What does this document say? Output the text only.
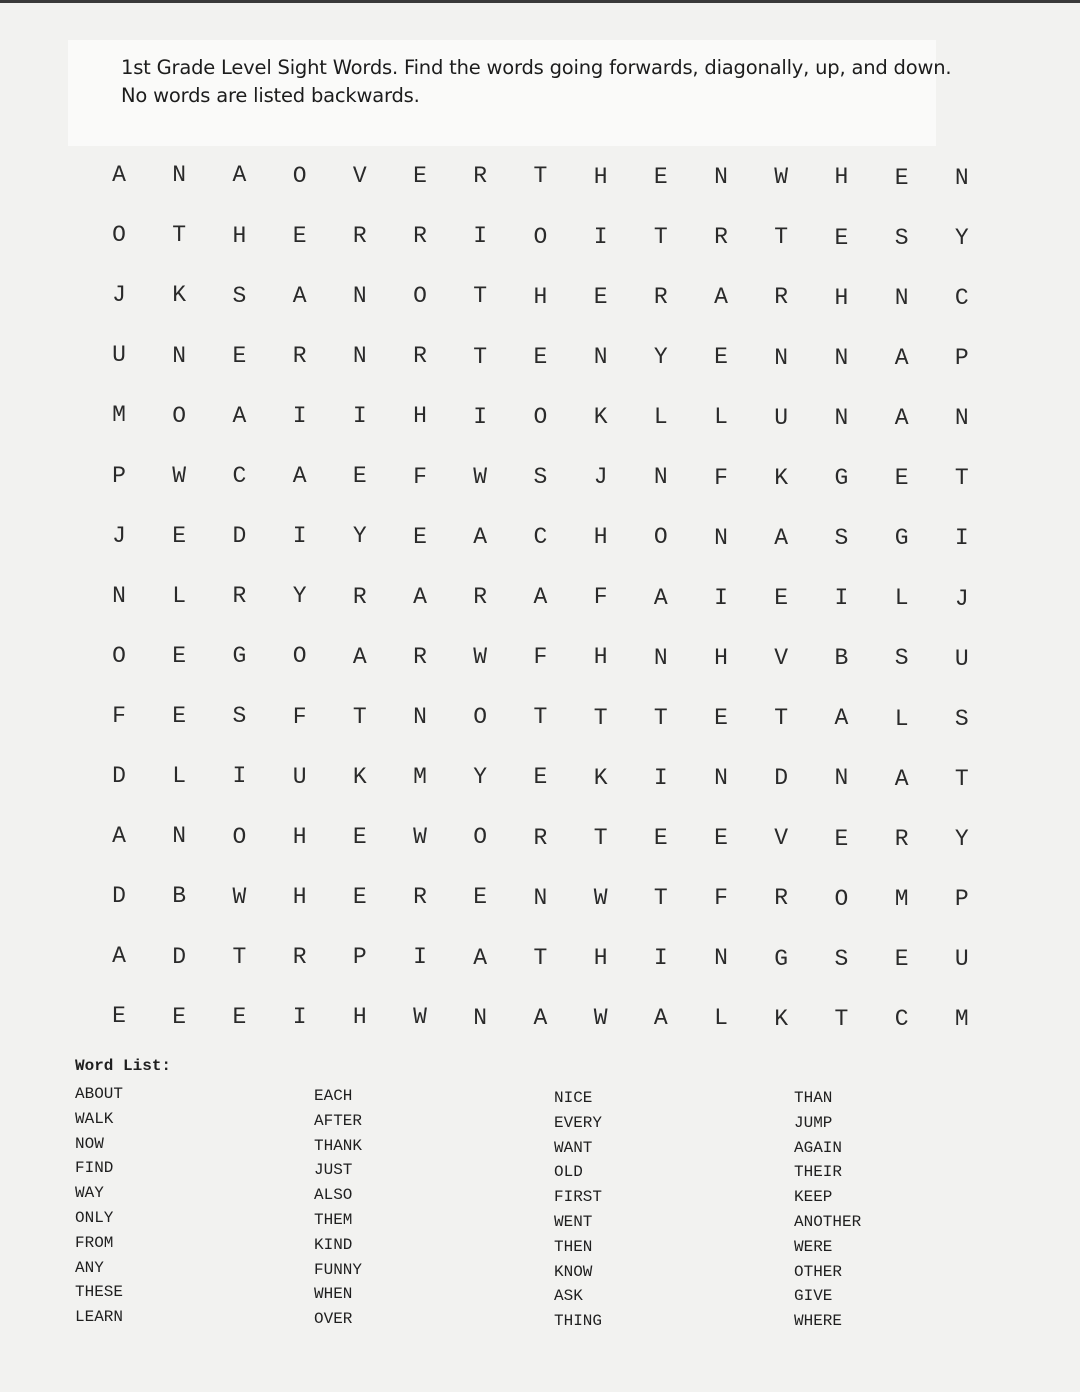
1st Grade Level Sight Words. Find the words going forwards, diagonally, up, and down.
No words are listed backwards.
A	N	A	O	V	E	R	T	H	E	N	W	H	E	N
O	T	H	E	R	R	I	O	I	T	R	T	E	S	Y
J	K	S	A	N	O	T	H	E	R	A	R	H	N	C
U	N	E	R	N	R	T	E	N	Y	E	N	N	A	P
M	O	A	I	I	H	I	O	K	L	L	U	N	A	N
P	W	C	A	E	F	W	S	J	N	F	K	G	E	T
J	E	D	I	Y	E	A	C	H	O	N	A	S	G	I
N	L	R	Y	R	A	R	A	F	A	I	E	I	L	J
O	E	G	O	A	R	W	F	H	N	H	V	B	S	U
F	E	S	F	T	N	O	T	T	T	E	T	A	L	S
D	L	I	U	K	M	Y	E	K	I	N	D	N	A	T
A	N	O	H	E	W	O	R	T	E	E	V	E	R	Y
D	B	W	H	E	R	E	N	W	T	F	R	O	M	P
A	D	T	R	P	I	A	T	H	I	N	G	S	E	U
E	E	E	I	H	W	N	A	W	A	L	K	T	C	M
Word List:
ABOUT
WALK
NOW
FIND
WAY
ONLY
FROM
ANY
THESE
LEARN
EACH
AFTER
THANK
JUST
ALSO
THEM
KIND
FUNNY
WHEN
OVER
NICE
EVERY
WANT
OLD
FIRST
WENT
THEN
KNOW
ASK
THING
THAN
JUMP
AGAIN
THEIR
KEEP
ANOTHER
WERE
OTHER
GIVE
WHERE
